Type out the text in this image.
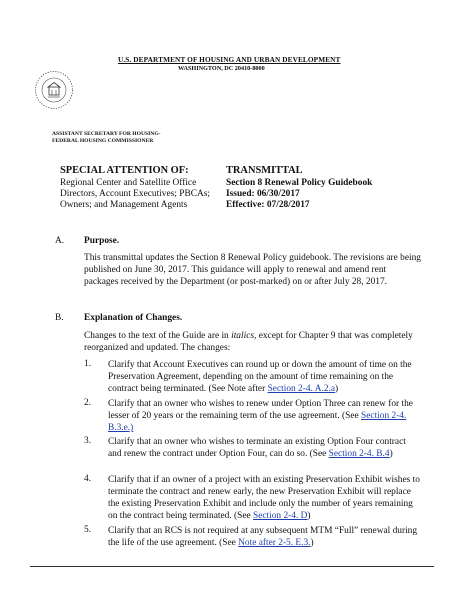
U.S. DEPARTMENT OF HOUSING AND URBAN DEVELOPMENT
WASHINGTON, DC 20410-8000
ASSISTANT SECRETARY FOR HOUSING-
FEDERAL HOUSING COMMISSIONER
SPECIAL ATTENTION OF:
Regional Center and Satellite Office
Directors, Account Executives; PBCAs;
Owners; and Management Agents
TRANSMITTAL
Section 8 Renewal Policy Guidebook
Issued: 06/30/2017
Effective: 07/28/2017
A. Purpose.
This transmittal updates the Section 8 Renewal Policy guidebook. The revisions are being published on June 30, 2017. This guidance will apply to renewal and amend rent packages received by the Department (or post-marked) on or after July 28, 2017.
B. Explanation of Changes.
Changes to the text of the Guide are in italics, except for Chapter 9 that was completely reorganized and updated. The changes:
1. Clarify that Account Executives can round up or down the amount of time on the Preservation Agreement, depending on the amount of time remaining on the contract being terminated. (See Note after Section 2-4. A.2.a)
2. Clarify that an owner who wishes to renew under Option Three can renew for the lesser of 20 years or the remaining term of the use agreement. (See Section 2-4. B.3.e.)
3. Clarify that an owner who wishes to terminate an existing Option Four contract and renew the contract under Option Four, can do so. (See Section 2-4. B.4)
4. Clarify that if an owner of a project with an existing Preservation Exhibit wishes to terminate the contract and renew early, the new Preservation Exhibit will replace the existing Preservation Exhibit and include only the number of years remaining on the contract being terminated. (See Section 2-4. D)
5. Clarify that an RCS is not required at any subsequent MTM “Full” renewal during the life of the use agreement. (See Note after 2-5. E.3.)
